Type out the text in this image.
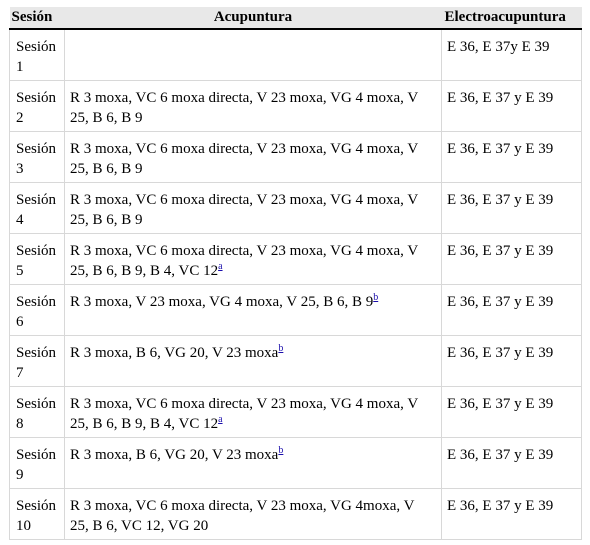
Sesión	Acupuntura	Electroacupuntura
Sesión 1		E 36, E 37y E 39
Sesión 2	R 3 moxa, VC 6 moxa directa, V 23 moxa, VG 4 moxa, V 25, B 6, B 9	E 36, E 37 y E 39
Sesión 3	R 3 moxa, VC 6 moxa directa, V 23 moxa, VG 4 moxa, V 25, B 6, B 9	E 36, E 37 y E 39
Sesión 4	R 3 moxa, VC 6 moxa directa, V 23 moxa, VG 4 moxa, V 25, B 6, B 9	E 36, E 37 y E 39
Sesión 5	R 3 moxa, VC 6 moxa directa, V 23 moxa, VG 4 moxa, V 25, B 6, B 9, B 4, VC 12$^a$	E 36, E 37 y E 39
Sesión 6	R 3 moxa, V 23 moxa, VG 4 moxa, V 25, B 6, B 9$^b$	E 36, E 37 y E 39
Sesión 7	R 3 moxa, B 6, VG 20, V 23 moxa$^b$	E 36, E 37 y E 39
Sesión 8	R 3 moxa, VC 6 moxa directa, V 23 moxa, VG 4 moxa, V 25, B 6, B 9, B 4, VC 12$^a$	E 36, E 37 y E 39
Sesión 9	R 3 moxa, B 6, VG 20, V 23 moxa$^b$	E 36, E 37 y E 39
Sesión 10	R 3 moxa, VC 6 moxa directa, V 23 moxa, VG 4moxa, V 25, B 6, VC 12, VG 20	E 36, E 37 y E 39
